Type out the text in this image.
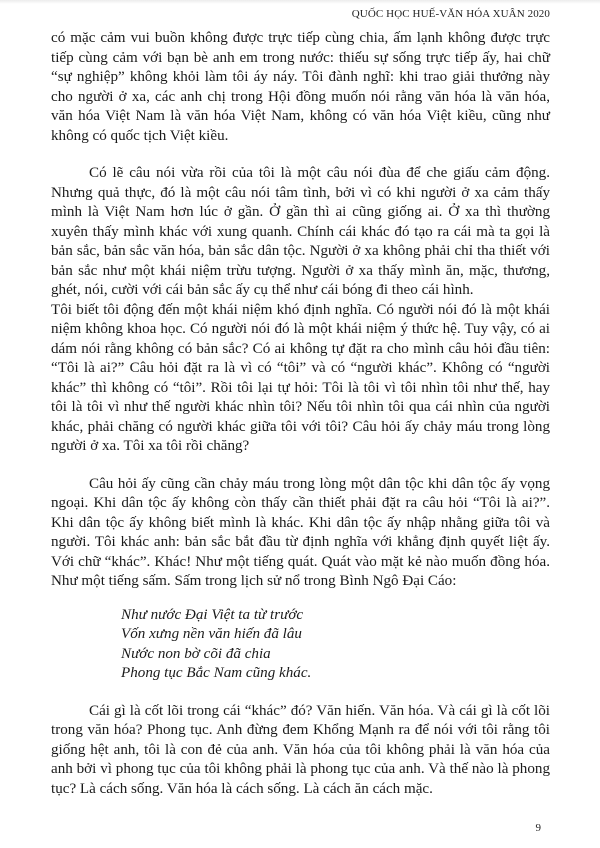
QUỐC HỌC HUẾ-VĂN HÓA XUÂN 2020

có mặc cảm vui buồn không được trực tiếp cùng chia, ấm lạnh không được trực tiếp cùng cảm với bạn bè anh em trong nước: thiếu sự sống trực tiếp ấy, hai chữ “sự nghiệp” không khỏi làm tôi áy náy. Tôi đành nghĩ: khi trao giải thưởng này cho người ở xa, các anh chị trong Hội đồng muốn nói rằng văn hóa là văn hóa, văn hóa Việt Nam là văn hóa Việt Nam, không có văn hóa Việt kiều, cũng như không có quốc tịch Việt kiều.

Có lẽ câu nói vừa rồi của tôi là một câu nói đùa để che giấu cảm động. Nhưng quả thực, đó là một câu nói tâm tình, bởi vì có khi người ở xa cảm thấy mình là Việt Nam hơn lúc ở gần. Ở gần thì ai cũng giống ai. Ở xa thì thường xuyên thấy mình khác với xung quanh. Chính cái khác đó tạo ra cái mà ta gọi là bản sắc, bản sắc văn hóa, bản sắc dân tộc. Người ở xa không phải chỉ tha thiết với bản sắc như một khái niệm trừu tượng. Người ở xa thấy mình ăn, mặc, thương, ghét, nói, cười với cái bản sắc ấy cụ thể như cái bóng đi theo cái hình.

Tôi biết tôi động đến một khái niệm khó định nghĩa. Có người nói đó là một khái niệm không khoa học. Có người nói đó là một khái niệm ý thức hệ. Tuy vậy, có ai dám nói rằng không có bản sắc? Có ai không tự đặt ra cho mình câu hỏi đầu tiên: “Tôi là ai?” Câu hỏi đặt ra là vì có “tôi” và có “người khác”. Không có “người khác” thì không có “tôi”. Rồi tôi lại tự hỏi: Tôi là tôi vì tôi nhìn tôi như thế, hay tôi là tôi vì như thế người khác nhìn tôi? Nếu tôi nhìn tôi qua cái nhìn của người khác, phải chăng có người khác giữa tôi với tôi? Câu hỏi ấy chảy máu trong lòng người ở xa. Tôi xa tôi rồi chăng?

Câu hỏi ấy cũng cần chảy máu trong lòng một dân tộc khi dân tộc ấy vọng ngoại. Khi dân tộc ấy không còn thấy cần thiết phải đặt ra câu hỏi “Tôi là ai?”. Khi dân tộc ấy không biết mình là khác. Khi dân tộc ấy nhập nhằng giữa tôi và người. Tôi khác anh: bản sắc bắt đầu từ định nghĩa với khẳng định quyết liệt ấy. Với chữ “khác”. Khác! Như một tiếng quát. Quát vào mặt kẻ nào muốn đồng hóa. Như một tiếng sấm. Sấm trong lịch sử nổ trong Bình Ngô Đại Cáo:

Như nước Đại Việt ta từ trước
Vốn xưng nền văn hiến đã lâu
Nước non bờ cõi đã chia
Phong tục Bắc Nam cũng khác.

Cái gì là cốt lõi trong cái “khác” đó? Văn hiến. Văn hóa. Và cái gì là cốt lõi trong văn hóa? Phong tục. Anh đừng đem Khổng Mạnh ra để nói với tôi rằng tôi giống hệt anh, tôi là con đẻ của anh. Văn hóa của tôi không phải là văn hóa của anh bởi vì phong tục của tôi không phải là phong tục của anh. Và thế nào là phong tục? Là cách sống. Văn hóa là cách sống. Là cách ăn cách mặc.

9
